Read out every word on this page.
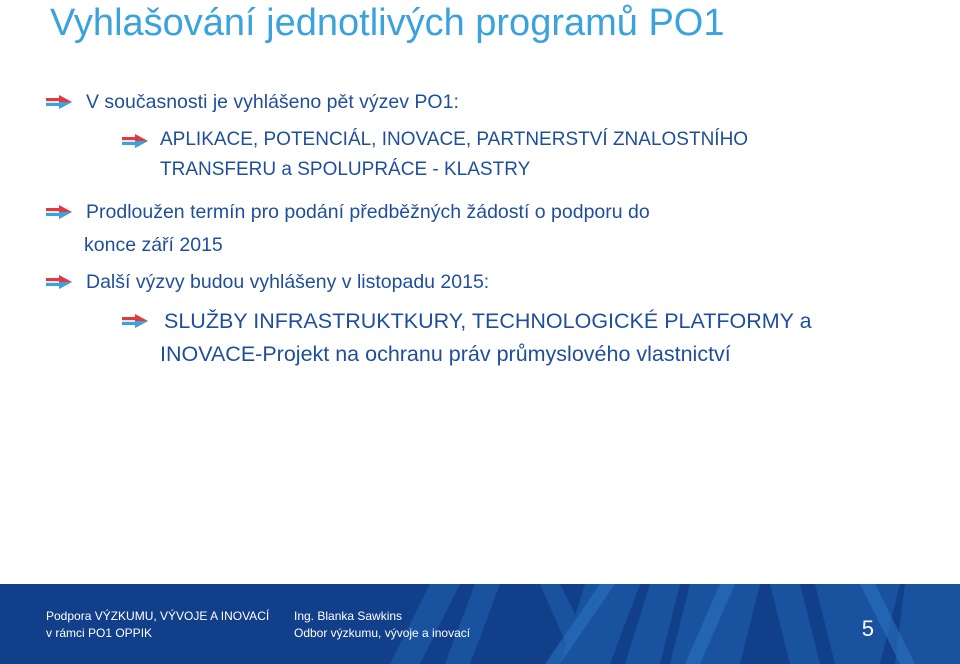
Vyhlašování jednotlivých programů PO1
V současnosti je vyhlášeno pět výzev PO1:
APLIKACE, POTENCIÁL, INOVACE, PARTNERSTVÍ ZNALOSTNÍHO
TRANSFERU a SPOLUPRÁCE - KLASTRY
Prodloužen termín pro podání předběžných žádostí o podporu do
konce září 2015
Další výzvy budou vyhlášeny v listopadu 2015:
SLUŽBY INFRASTRUKTKURY, TECHNOLOGICKÉ PLATFORMY a
INOVACE-Projekt na ochranu práv průmyslového vlastnictví
Podpora VÝZKUMU, VÝVOJE A INOVACÍ
v rámci PO1 OPPIK
Ing. Blanka Sawkins
Odbor výzkumu, vývoje a inovací	5
